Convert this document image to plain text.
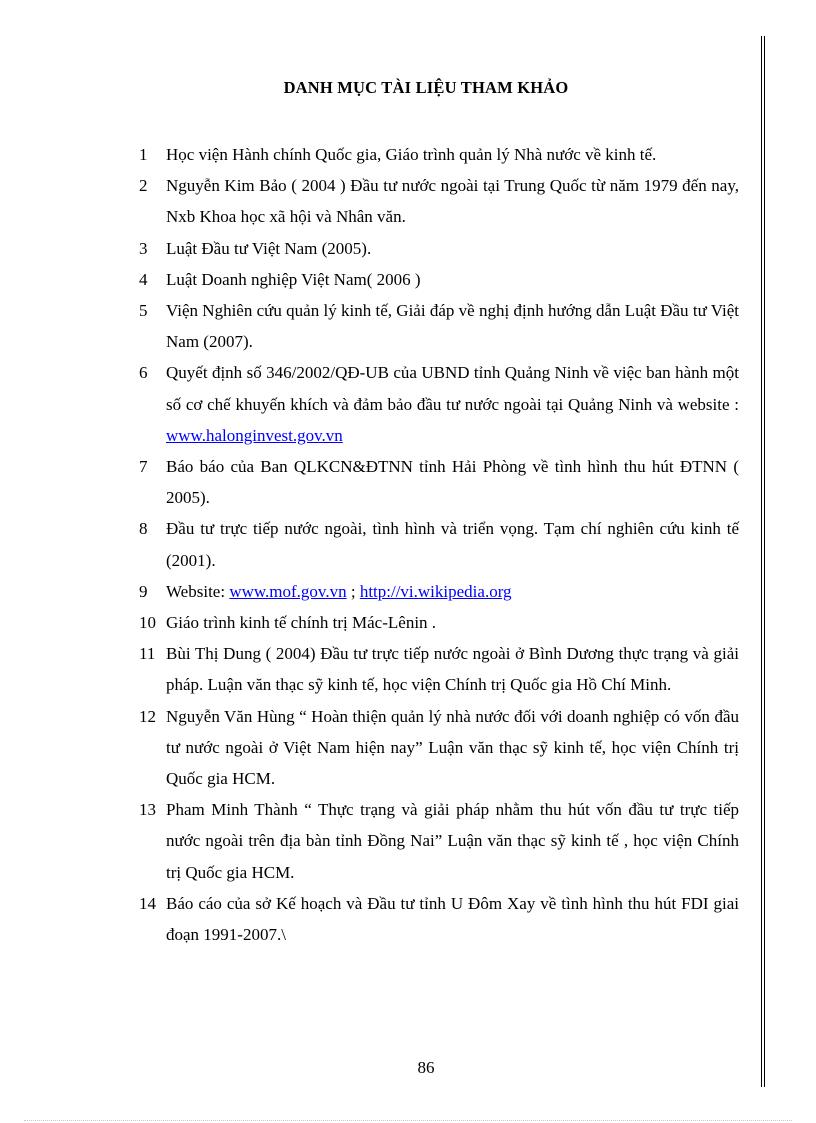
DANH MỤC TÀI LIỆU THAM KHẢO
1	Học viện Hành chính Quốc gia, Giáo trình quản lý Nhà nước về kinh tế.
2	Nguyễn Kim Bảo ( 2004 ) Đầu tư nước ngoài tại Trung Quốc từ năm 1979 đến nay, Nxb Khoa học xã hội và Nhân văn.
3	Luật Đầu tư Việt Nam (2005).
4	Luật Doanh nghiệp Việt Nam( 2006 )
5	Viện Nghiên cứu quản lý kinh tế, Giải đáp về nghị định hướng dẫn Luật Đầu tư Việt Nam (2007).
6	Quyết định số 346/2002/QĐ-UB của UBND tỉnh Quảng Ninh về việc ban hành một số cơ chế khuyến khích và đảm bảo đầu tư nước ngoài tại Quảng Ninh và website : www.halonginvest.gov.vn
7	Báo báo của Ban QLKCN&ĐTNN tỉnh Hải Phòng về tình hình thu hút ĐTNN ( 2005).
8	Đầu tư trực tiếp nước ngoài, tình hình và triển vọng. Tạm chí nghiên cứu kinh tế (2001).
9	Website: www.mof.gov.vn ; http://vi.wikipedia.org
10 Giáo trình kinh tế chính trị Mác-Lênin .
11 Bùi Thị Dung ( 2004) Đầu tư trực tiếp nước ngoài ở Bình Dương thực trạng và giải pháp. Luận văn thạc sỹ kinh tế, học viện Chính trị Quốc gia Hồ Chí Minh.
12 Nguyễn Văn Hùng “ Hoàn thiện quản lý nhà nước đối với doanh nghiệp có vốn đầu tư nước ngoài ở Việt Nam hiện nay” Luận văn thạc sỹ kinh tế, học viện Chính trị Quốc gia HCM.
13 Pham Minh Thành “ Thực trạng và giải pháp nhằm thu hút vốn đầu tư trực tiếp nước ngoài trên địa bàn tỉnh Đồng Nai” Luận văn thạc sỹ kinh tế , học viện Chính trị Quốc gia HCM.
14 Báo cáo của sở Kế hoạch và Đầu tư tỉnh U Đôm Xay về tình hình thu hút FDI giai đoạn 1991-2007.\
86
